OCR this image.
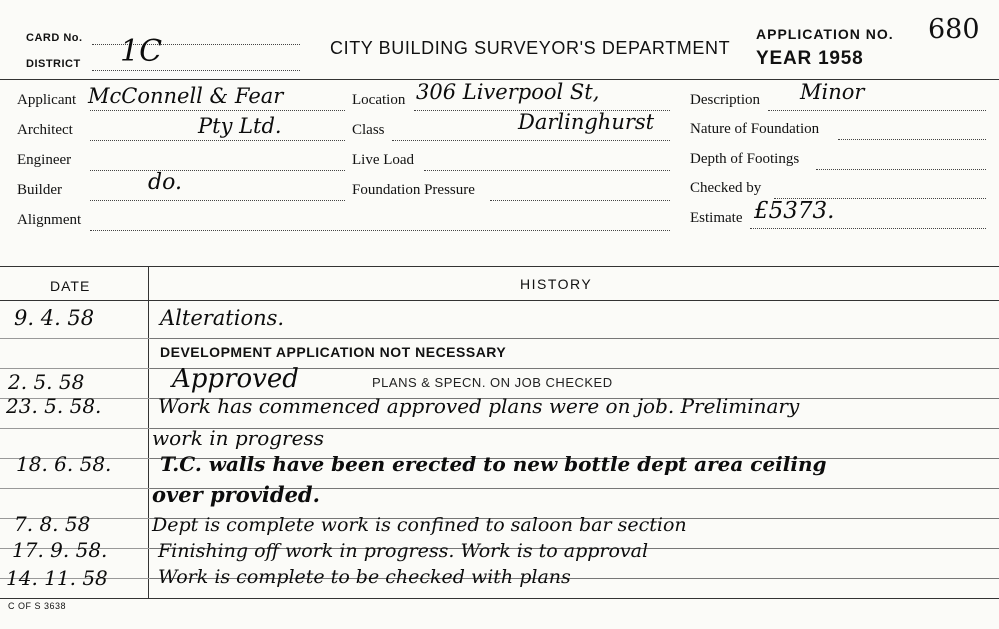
CARD No.
DISTRICT 1C	CITY BUILDING SURVEYOR'S DEPARTMENT
APPLICATION NO. 680
YEAR 1958
Applicant McConnell & Fear
Architect	Pty Ltd.
Engineer
Builder	do.
Alignment
Location 306 Liverpool St,
Class	Darlinghurst
Live Load
Foundation Pressure
Description Minor
Nature of Foundation
Depth of Footings
Checked by
Estimate £5373.
DATE	HISTORY
9. 4. 58	Alterations.
DEVELOPMENT APPLICATION NOT NECESSARY
2. 5. 58	Approved	PLANS & SPECN. ON JOB CHECKED
23. 5. 58.	Work has commenced approved plans were on job. Preliminary
work in progress
18. 6. 58. T.C. walls have been erected to new bottle dept area ceiling
over provided.
7. 8. 58	Dept is complete work is confined to saloon bar section
17. 9. 58.	Finishing off work in progress. Work is to approval
14. 11. 58	Work is complete to be checked with plans
C OF S 3638
